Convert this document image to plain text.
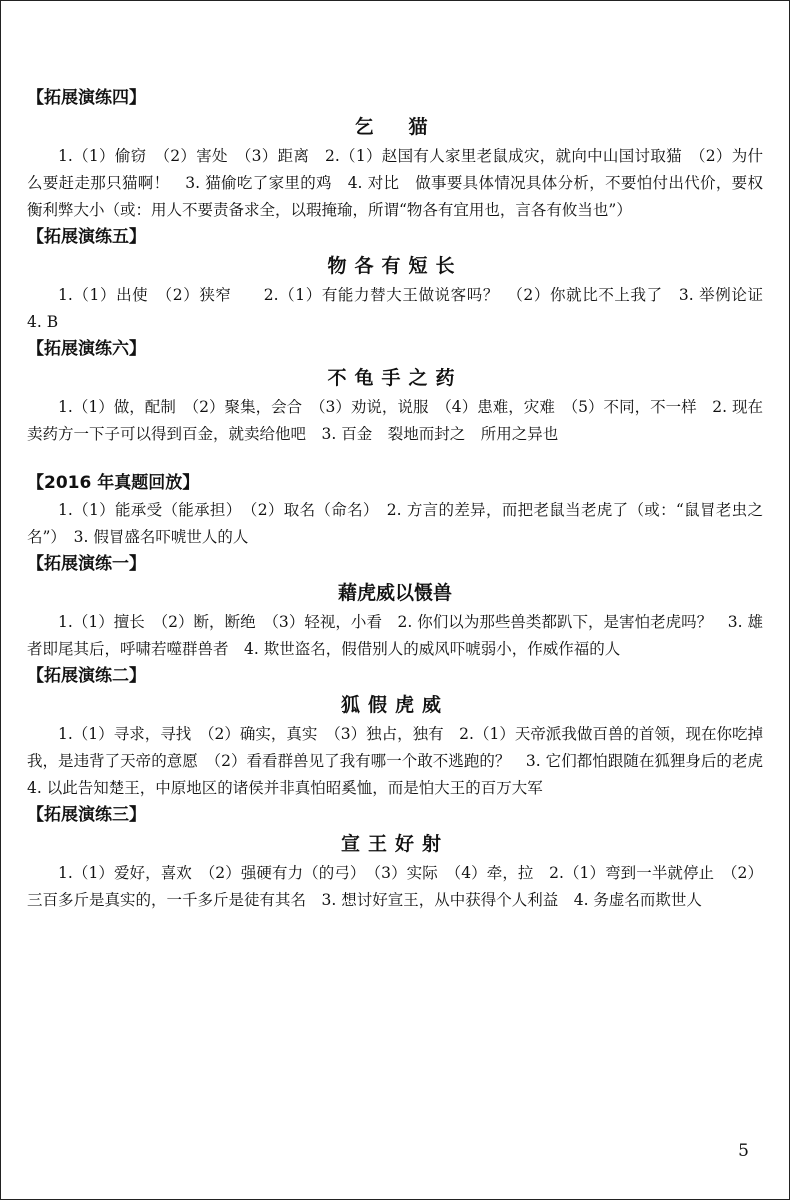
【拓展演练四】

乞　猫

1.（1）偷窃　（2）害处　（3）距离　2.（1）赵国有人家里老鼠成灾，就向中山国讨取猫　（2）为什么要赶走那只猫啊！　3. 猫偷吃了家里的鸡　4. 对比　做事要具体情况具体分析，不要怕付出代价，要权衡利弊大小（或：用人不要责备求全，以瑕掩瑜，所谓“物各有宜用也，言各有攸当也”）

【拓展演练五】

物各有短长

1.（1）出使　（2）狭窄　　2.（1）有能力替大王做说客吗？　（2）你就比不上我了　3. 举例论证　4. B

【拓展演练六】

不龟手之药

1.（1）做，配制　（2）聚集，会合　（3）劝说，说服　（4）患难，灾难　（5）不同，不一样　2. 现在卖药方一下子可以得到百金，就卖给他吧　3. 百金　裂地而封之　所用之异也

【2016 年真题回放】

1.（1）能承受（能承担）　（2）取名（命名）　2. 方言的差异，而把老鼠当老虎了（或：“鼠冒老虫之名”）　3. 假冒盛名吓唬世人的人

【拓展演练一】

藉虎威以慑兽

1.（1）擅长　（2）断，断绝　（3）轻视，小看　2. 你们以为那些兽类都趴下，是害怕老虎吗？　3. 雄者即尾其后，呼啸若噬群兽者　4. 欺世盗名，假借别人的威风吓唬弱小，作威作福的人

【拓展演练二】

狐假虎威

1.（1）寻求，寻找　（2）确实，真实　（3）独占，独有　2.（1）天帝派我做百兽的首领，现在你吃掉我，是违背了天帝的意愿　（2）看看群兽见了我有哪一个敢不逃跑的？　3. 它们都怕跟随在狐狸身后的老虎　4. 以此告知楚王，中原地区的诸侯并非真怕昭奚恤，而是怕大王的百万大军

【拓展演练三】

宣王好射

1.（1）爱好，喜欢　（2）强硬有力（的弓）　（3）实际　（4）牵，拉　2.（1）弯到一半就停止　（2）三百多斤是真实的，一千多斤是徒有其名　3. 想讨好宣王，从中获得个人利益　4. 务虚名而欺世人

5
